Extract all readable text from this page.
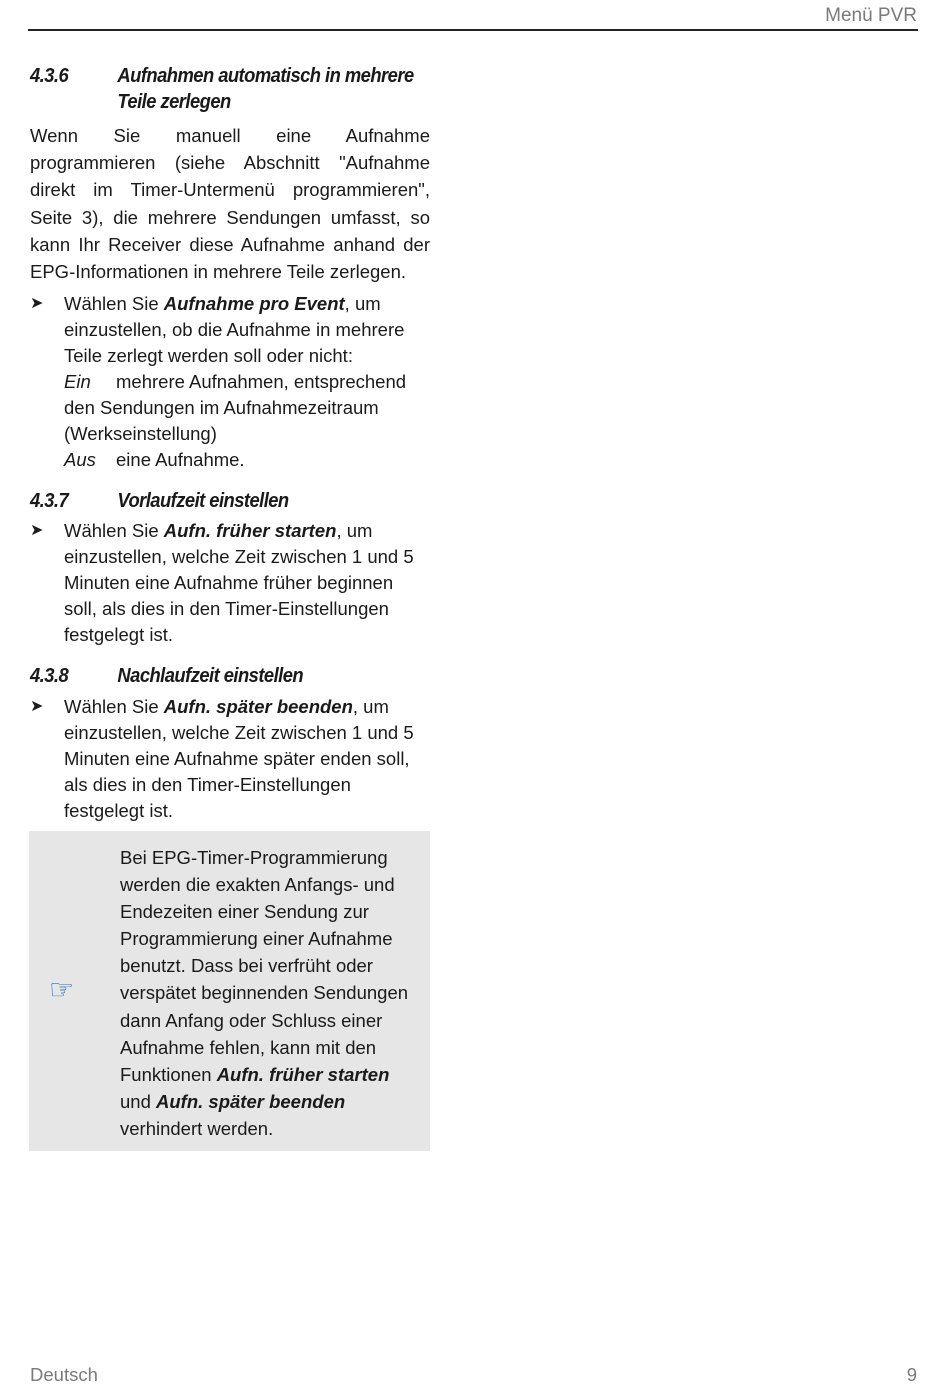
Menü PVR
4.3.6 Aufnahmen automatisch in mehrere Teile zerlegen
Wenn Sie manuell eine Aufnahme programmieren (siehe Abschnitt "Aufnahme direkt im Timer-Untermenü programmieren", Seite 3), die mehrere Sendungen umfasst, so kann Ihr Receiver diese Aufnahme anhand der EPG-Informationen in mehrere Teile zerlegen.
➤ Wählen Sie Aufnahme pro Event, um einzustellen, ob die Aufnahme in mehrere Teile zerlegt werden soll oder nicht:
Ein mehrere Aufnahmen, entsprechend den Sendungen im Aufnahmezeitraum (Werkseinstellung)
Aus eine Aufnahme.
4.3.7 Vorlaufzeit einstellen
➤ Wählen Sie Aufn. früher starten, um einzustellen, welche Zeit zwischen 1 und 5 Minuten eine Aufnahme früher beginnen soll, als dies in den Timer-Einstellungen festgelegt ist.
4.3.8 Nachlaufzeit einstellen
➤ Wählen Sie Aufn. später beenden, um einzustellen, welche Zeit zwischen 1 und 5 Minuten eine Aufnahme später enden soll, als dies in den Timer-Einstellungen festgelegt ist.
☞
Bei EPG-Timer-Programmierung werden die exakten Anfangs- und Endezeiten einer Sendung zur Programmierung einer Aufnahme benutzt. Dass bei verfrüht oder verspätet beginnenden Sendungen dann Anfang oder Schluss einer Aufnahme fehlen, kann mit den Funktionen Aufn. früher starten und Aufn. später beenden verhindert werden.
Deutsch	9
